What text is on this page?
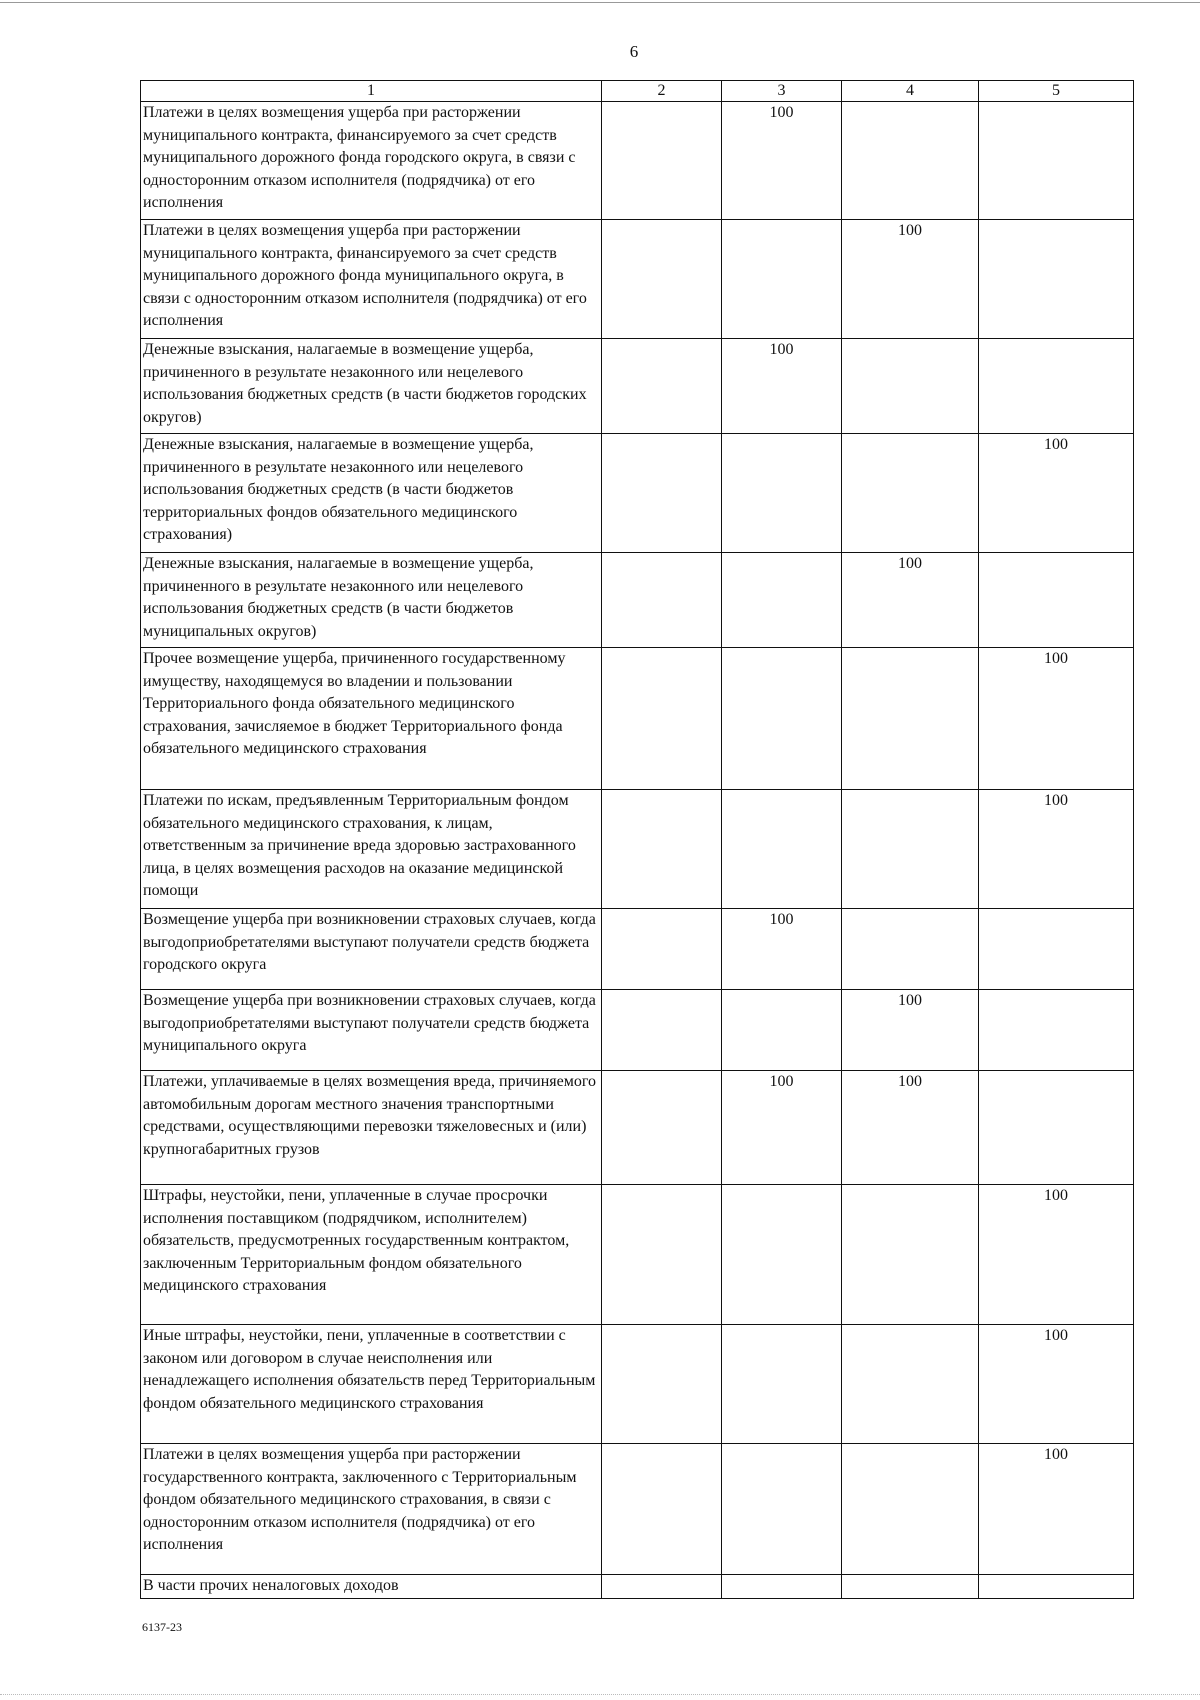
6
1	2	3	4	5
Платежи в целях возмещения ущерба при расторжении муниципального контракта, финансируемого за счет средств муниципального дорожного фонда городского округа, в связи с односторонним отказом исполнителя (подрядчика) от его исполнения		100		
Платежи в целях возмещения ущерба при расторжении муниципального контракта, финансируемого за счет средств муниципального дорожного фонда муниципального округа, в связи с односторонним отказом исполнителя (подрядчика) от его исполнения			100	
Денежные взыскания, налагаемые в возмещение ущерба, причиненного в результате незаконного или нецелевого использования бюджетных средств (в части бюджетов городских округов)		100		
Денежные взыскания, налагаемые в возмещение ущерба, причиненного в результате незаконного или нецелевого использования бюджетных средств (в части бюджетов территориальных фондов обязательного медицинского страхования)				100
Денежные взыскания, налагаемые в возмещение ущерба, причиненного в результате незаконного или нецелевого использования бюджетных средств (в части бюджетов муниципальных округов)			100	
Прочее возмещение ущерба, причиненного государственному имуществу, находящемуся во владении и пользовании Территориального фонда обязательного медицинского страхования, зачисляемое в бюджет Территориального фонда обязательного медицинского страхования				100
Платежи по искам, предъявленным Территориальным фондом обязательного медицинского страхования, к лицам, ответственным за причинение вреда здоровью застрахованного лица, в целях возмещения расходов на оказание медицинской помощи				100
Возмещение ущерба при возникновении страховых случаев, когда выгодоприобретателями выступают получатели средств бюджета городского округа		100		
Возмещение ущерба при возникновении страховых случаев, когда выгодоприобретателями выступают получатели средств бюджета муниципального округа			100	
Платежи, уплачиваемые в целях возмещения вреда, причиняемого автомобильным дорогам местного значения транспортными средствами, осуществляющими перевозки тяжеловесных и (или) крупногабаритных грузов		100	100	
Штрафы, неустойки, пени, уплаченные в случае просрочки исполнения поставщиком (подрядчиком, исполнителем) обязательств, предусмотренных государственным контрактом, заключенным Территориальным фондом обязательного медицинского страхования				100
Иные штрафы, неустойки, пени, уплаченные в соответствии с законом или договором в случае неисполнения или ненадлежащего исполнения обязательств перед Территориальным фондом обязательного медицинского страхования				100
Платежи в целях возмещения ущерба при расторжении государственного контракта, заключенного с Территориальным фондом обязательного медицинского страхования, в связи с односторонним отказом исполнителя (подрядчика) от его исполнения				100
В части прочих неналоговых доходов				
6137-23
